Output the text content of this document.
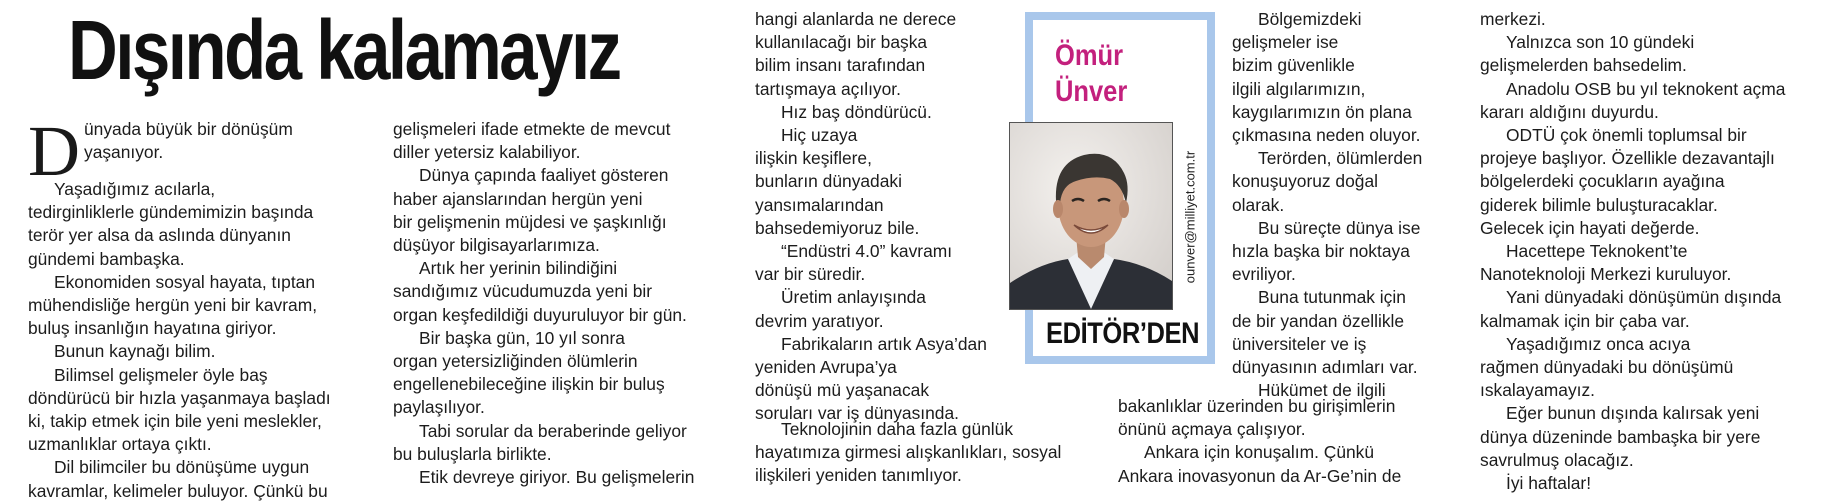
Dışında kalamayız
D ünyada büyük bir dönüşüm

yaşanıyor.

Yaşadığımız acılarla,

tedirginliklerle gündemimizin başında

terör yer alsa da aslında dünyanın

gündemi bambaşka.

Ekonomiden sosyal hayata, tıptan

mühendisliğe hergün yeni bir kavram,

buluş insanlığın hayatına giriyor.

Bunun kaynağı bilim.

Bilimsel gelişmeler öyle baş

döndürücü bir hızla yaşanmaya başladı

ki, takip etmek için bile yeni meslekler,

uzmanlıklar ortaya çıktı.

Dil bilimciler bu dönüşüme uygun

kavramlar, kelimeler buluyor. Çünkü bu

gelişmeleri ifade etmekte de mevcut

diller yetersiz kalabiliyor.

Dünya çapında faaliyet gösteren

haber ajanslarından hergün yeni

bir gelişmenin müjdesi ve şaşkınlığı

düşüyor bilgisayarlarımıza.

Artık her yerinin bilindiğini

sandığımız vücudumuzda yeni bir

organ keşfedildiği duyuruluyor bir gün.

Bir başka gün, 10 yıl sonra

organ yetersizliğinden ölümlerin

engellenebileceğine ilişkin bir buluş

paylaşılıyor.

Tabi sorular da beraberinde geliyor

bu buluşlarla birlikte.

Etik devreye giriyor. Bu gelişmelerin

hangi alanlarda ne derece

kullanılacağı bir başka

bilim insanı tarafından

tartışmaya açılıyor.

Hız baş döndürücü.

Hiç uzaya

ilişkin keşiflere,

bunların dünyadaki

yansımalarından

bahsedemiyoruz bile.

“Endüstri 4.0” kavramı

var bir süredir.

Üretim anlayışında

devrim yaratıyor.

Fabrikaların artık Asya’dan

yeniden Avrupa’ya

dönüşü mü yaşanacak

soruları var iş dünyasında.

Teknolojinin daha fazla günlük

hayatımıza girmesi alışkanlıkları, sosyal

ilişkileri yeniden tanımlıyor.

Ömür
Ünver
ounver@milliyet.com.tr
EDİTÖR’DEN

Bölgemizdeki

gelişmeler ise

bizim güvenlikle

ilgili algılarımızın,

kaygılarımızın ön plana

çıkmasına neden oluyor.

Terörden, ölümlerden

konuşuyoruz doğal

olarak.

Bu süreçte dünya ise

hızla başka bir noktaya

evriliyor.

Buna tutunmak için

de bir yandan özellikle

üniversiteler ve iş

dünyasının adımları var.

Hükümet de ilgili

bakanlıklar üzerinden bu girişimlerin

önünü açmaya çalışıyor.

Ankara için konuşalım. Çünkü

Ankara inovasyonun da Ar-Ge’nin de

merkezi.

Yalnızca son 10 gündeki

gelişmelerden bahsedelim.

Anadolu OSB bu yıl teknokent açma

kararı aldığını duyurdu.

ODTÜ çok önemli toplumsal bir

projeye başlıyor. Özellikle dezavantajlı

bölgelerdeki çocukların ayağına

giderek bilimle buluşturacaklar.

Gelecek için hayati değerde.

Hacettepe Teknokent’te

Nanoteknoloji Merkezi kuruluyor.

Yani dünyadaki dönüşümün dışında

kalmamak için bir çaba var.

Yaşadığımız onca acıya

rağmen dünyadaki bu dönüşümü

ıskalayamayız.

Eğer bunun dışında kalırsak yeni

dünya düzeninde bambaşka bir yere

savrulmuş olacağız.

İyi haftalar!
